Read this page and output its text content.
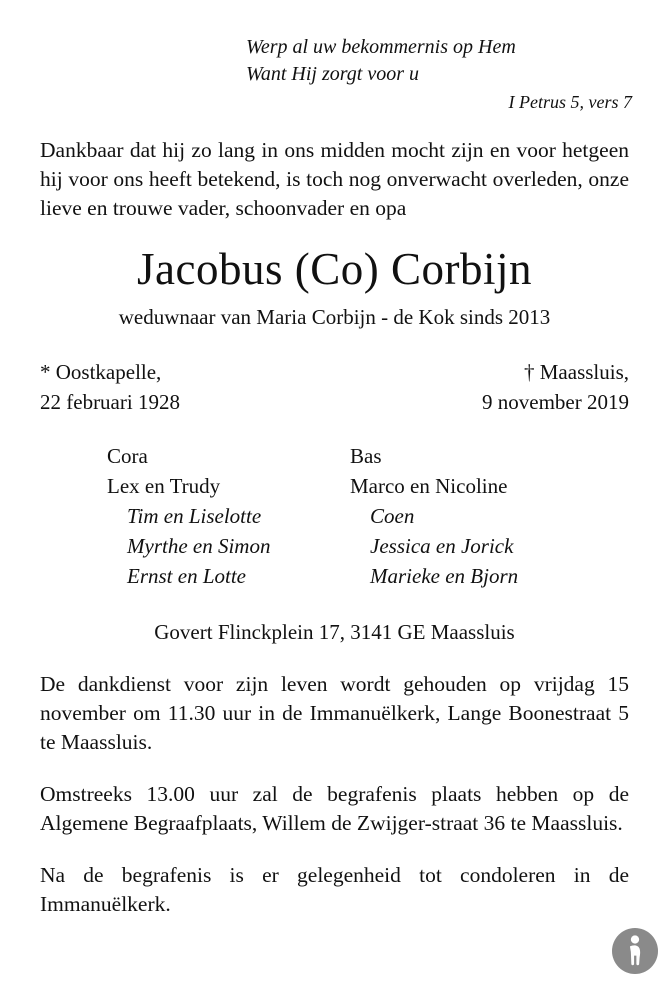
Werp al uw bekommernis op Hem
Want Hij zorgt voor u
I Petrus 5, vers 7

Dankbaar dat hij zo lang in ons midden mocht zijn en voor hetgeen hij voor ons heeft betekend, is toch nog onverwacht overleden, onze lieve en trouwe vader, schoonvader en opa

Jacobus (Co) Corbijn
weduwnaar van Maria Corbijn - de Kok sinds 2013
* Oostkapelle,
22 februari 1928
† Maassluis,
9 november 2019
Cora
Lex en Trudy
Tim en Liselotte
Myrthe en Simon
Ernst en Lotte
Bas
Marco en Nicoline
Coen
Jessica en Jorick
Marieke en Bjorn
Govert Flinckplein 17, 3141 GE Maassluis

De dankdienst voor zijn leven wordt gehouden op vrijdag 15 november om 11.30 uur in de Immanuëlkerk, Lange Boonestraat 5 te Maassluis.

Omstreeks 13.00 uur zal de begrafenis plaats hebben op de Algemene Begraafplaats, Willem de Zwijger-straat 36 te Maassluis.

Na de begrafenis is er gelegenheid tot condoleren in de Immanuëlkerk.
